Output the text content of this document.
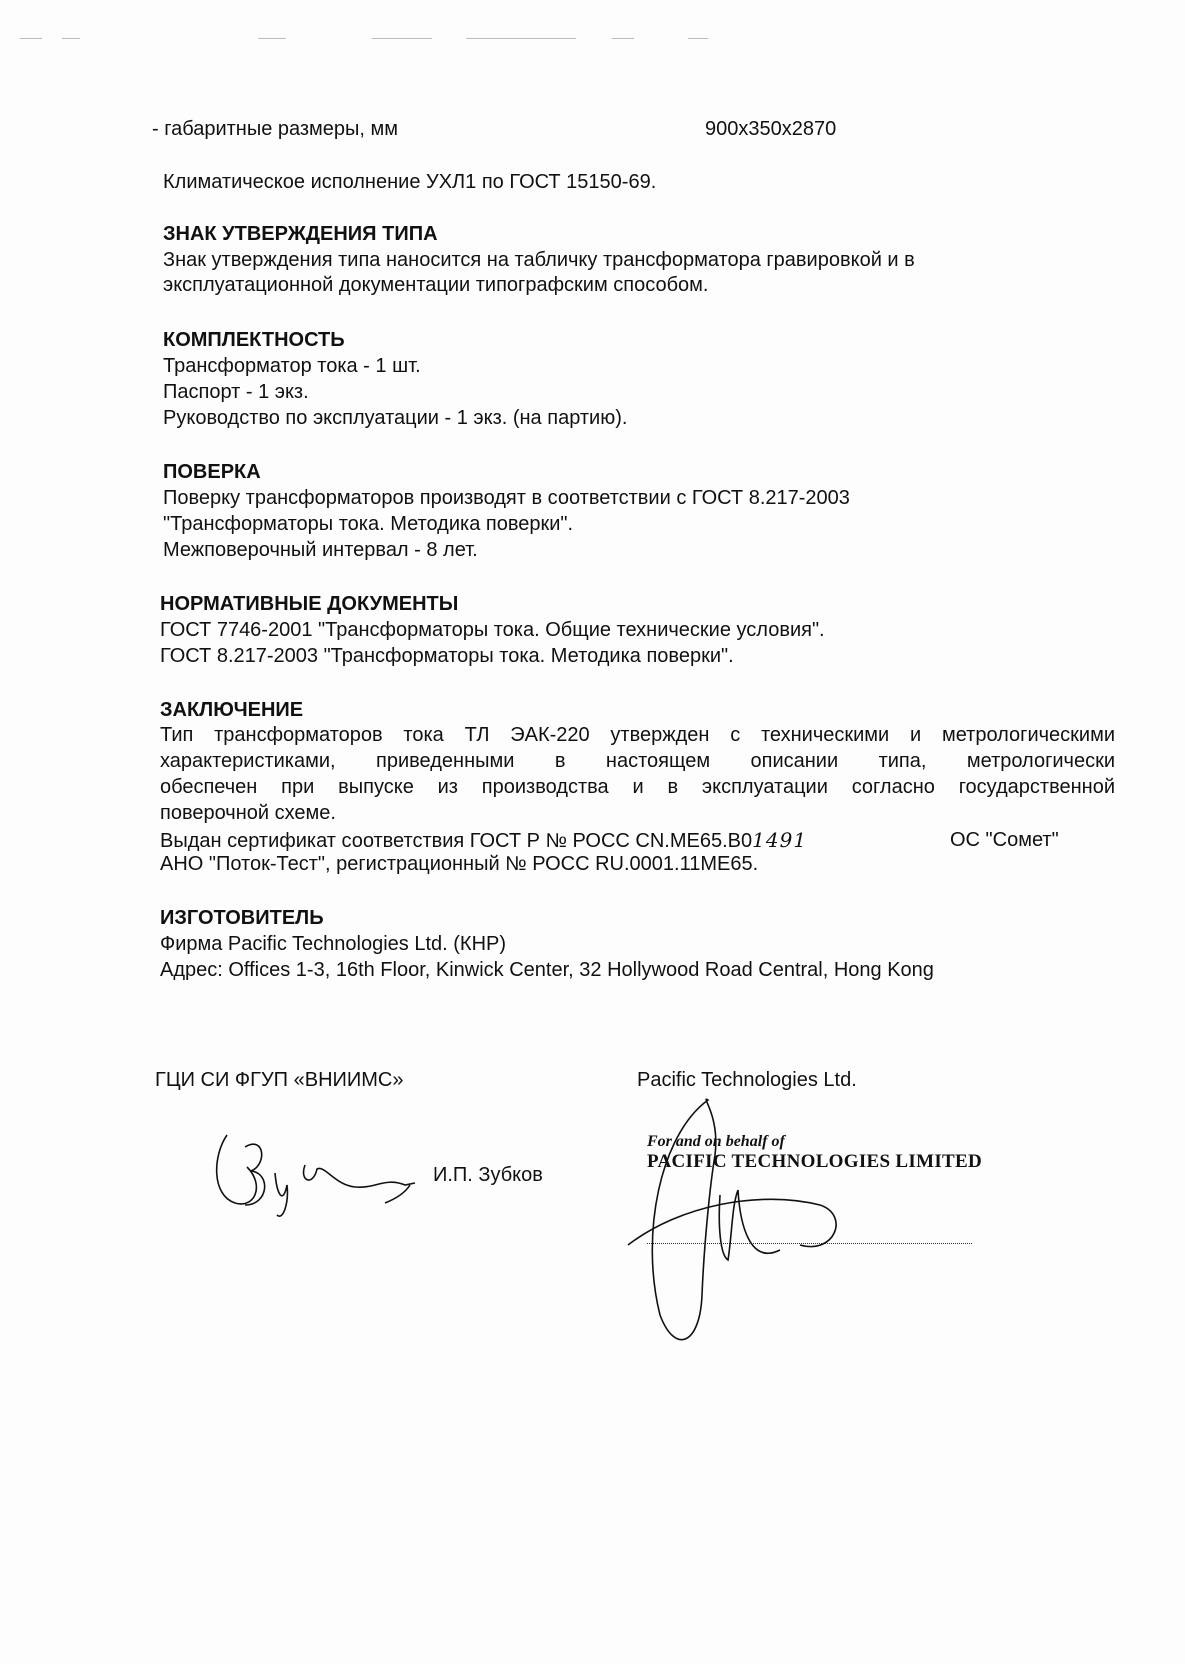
- габаритные размеры, мм	900x350x2870
Климатическое исполнение УХЛ1 по ГОСТ 15150-69.
ЗНАК УТВЕРЖДЕНИЯ ТИПА
Знак утверждения типа наносится на табличку трансформатора гравировкой и в
эксплуатационной документации типографским способом.
КОМПЛЕКТНОСТЬ
Трансформатор тока - 1 шт.
Паспорт - 1 экз.
Руководство по эксплуатации - 1 экз. (на партию).
ПОВЕРКА
Поверку трансформаторов производят в соответствии с ГОСТ 8.217-2003
"Трансформаторы тока. Методика поверки".
Межповерочный интервал - 8 лет.
НОРМАТИВНЫЕ ДОКУМЕНТЫ
ГОСТ 7746-2001 "Трансформаторы тока. Общие технические условия".
ГОСТ 8.217-2003 "Трансформаторы тока. Методика поверки".
ЗАКЛЮЧЕНИЕ
Тип трансформаторов тока ТЛ ЭАК-220 утвержден с техническими и метрологическими
характеристиками, приведенными в настоящем описании типа, метрологически
обеспечен при выпуске из производства и в эксплуатации согласно государственной
поверочной схеме.
Выдан сертификат соответствия ГОСТ Р № РОСС CN.ME65.B01491	ОС "Сомет"
АНО "Поток-Тест", регистрационный № РОСС RU.0001.11МЕ65.
ИЗГОТОВИТЕЛЬ
Фирма Pacific Technologies Ltd. (КНР)
Адрес: Offices 1-3, 16th Floor, Kinwick Center, 32 Hollywood Road Central, Hong Kong
ГЦИ СИ ФГУП «ВНИИМС»
И.П. Зубков
Pacific Technologies Ltd.
For and on behalf of
PACIFIC TECHNOLOGIES LIMITED
